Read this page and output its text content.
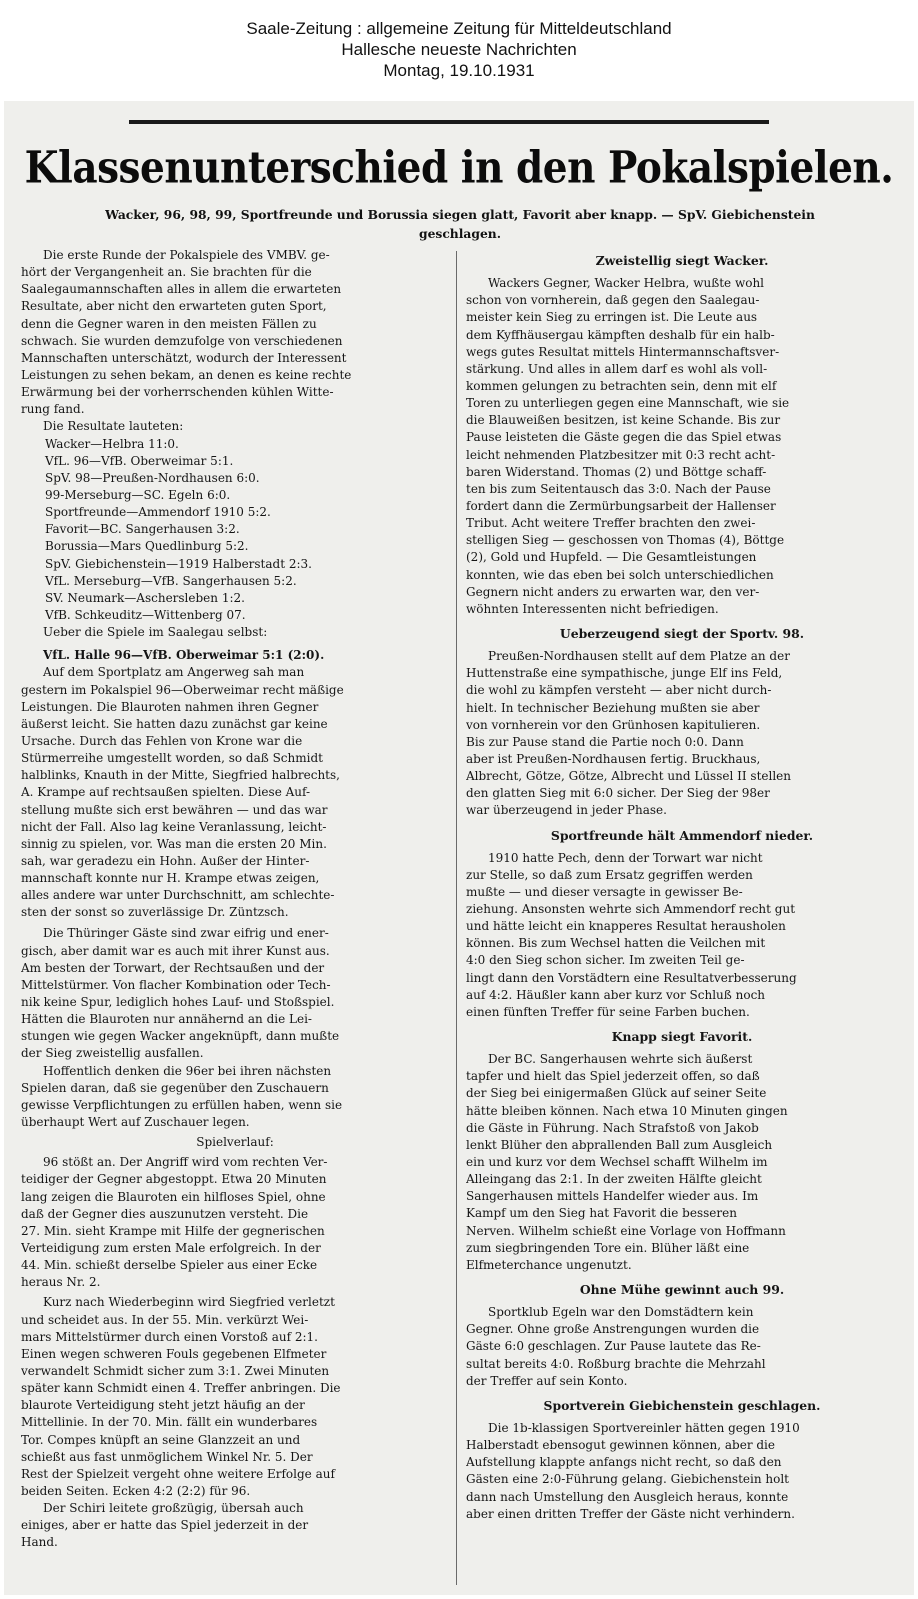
Saale-Zeitung : allgemeine Zeitung für Mitteldeutschland
Hallesche neueste Nachrichten
Montag, 19.10.1931
Klassenunterschied in den Pokalspielen.
Wacker, 96, 98, 99, Sportfreunde und Borussia siegen glatt, Favorit aber knapp. — SpV. Giebichenstein
geschlagen.
Die erste Runde der Pokalspiele des VMBV. ge-
hört der Vergangenheit an. Sie brachten für die
Saalegaumannschaften alles in allem die erwarteten
Resultate, aber nicht den erwarteten guten Sport,
denn die Gegner waren in den meisten Fällen zu
schwach. Sie wurden demzufolge von verschiedenen
Mannschaften unterschätzt, wodurch der Interessent
Leistungen zu sehen bekam, an denen es keine rechte
Erwärmung bei der vorherrschenden kühlen Witte-
rung fand.
Die Resultate lauteten:
Wacker—Helbra 11:0.
VfL. 96—VfB. Oberweimar 5:1.
SpV. 98—Preußen-Nordhausen 6:0.
99-Merseburg—SC. Egeln 6:0.
Sportfreunde—Ammendorf 1910 5:2.
Favorit—BC. Sangerhausen 3:2.
Borussia—Mars Quedlinburg 5:2.
SpV. Giebichenstein—1919 Halberstadt 2:3.
VfL. Merseburg—VfB. Sangerhausen 5:2.
SV. Neumark—Aschersleben 1:2.
VfB. Schkeuditz—Wittenberg 07.
Ueber die Spiele im Saalegau selbst:
VfL. Halle 96—VfB. Oberweimar 5:1 (2:0).
Auf dem Sportplatz am Angerweg sah man
gestern im Pokalspiel 96—Oberweimar recht mäßige
Leistungen. Die Blauroten nahmen ihren Gegner
äußerst leicht. Sie hatten dazu zunächst gar keine
Ursache. Durch das Fehlen von Krone war die
Stürmerreihe umgestellt worden, so daß Schmidt
halblinks, Knauth in der Mitte, Siegfried halbrechts,
A. Krampe auf rechtsaußen spielten. Diese Auf-
stellung mußte sich erst bewähren — und das war
nicht der Fall. Also lag keine Veranlassung, leicht-
sinnig zu spielen, vor. Was man die ersten 20 Min.
sah, war geradezu ein Hohn. Außer der Hinter-
mannschaft konnte nur H. Krampe etwas zeigen,
alles andere war unter Durchschnitt, am schlechte-
sten der sonst so zuverlässige Dr. Züntzsch.
Die Thüringer Gäste sind zwar eifrig und ener-
gisch, aber damit war es auch mit ihrer Kunst aus.
Am besten der Torwart, der Rechtsaußen und der
Mittelstürmer. Von flacher Kombination oder Tech-
nik keine Spur, lediglich hohes Lauf- und Stoßspiel.
Hätten die Blauroten nur annähernd an die Lei-
stungen wie gegen Wacker angeknüpft, dann mußte
der Sieg zweistellig ausfallen.
Hoffentlich denken die 96er bei ihren nächsten
Spielen daran, daß sie gegenüber den Zuschauern
gewisse Verpflichtungen zu erfüllen haben, wenn sie
überhaupt Wert auf Zuschauer legen.
Spielverlauf:
96 stößt an. Der Angriff wird vom rechten Ver-
teidiger der Gegner abgestoppt. Etwa 20 Minuten
lang zeigen die Blauroten ein hilfloses Spiel, ohne
daß der Gegner dies auszunutzen versteht. Die
27. Min. sieht Krampe mit Hilfe der gegnerischen
Verteidigung zum ersten Male erfolgreich. In der
44. Min. schießt derselbe Spieler aus einer Ecke
heraus Nr. 2.
Kurz nach Wiederbeginn wird Siegfried verletzt
und scheidet aus. In der 55. Min. verkürzt Wei-
mars Mittelstürmer durch einen Vorstoß auf 2:1.
Einen wegen schweren Fouls gegebenen Elfmeter
verwandelt Schmidt sicher zum 3:1. Zwei Minuten
später kann Schmidt einen 4. Treffer anbringen. Die
blaurote Verteidigung steht jetzt häufig an der
Mittellinie. In der 70. Min. fällt ein wunderbares
Tor. Compes knüpft an seine Glanzzeit an und
schießt aus fast unmöglichem Winkel Nr. 5. Der
Rest der Spielzeit vergeht ohne weitere Erfolge auf
beiden Seiten. Ecken 4:2 (2:2) für 96.
Der Schiri leitete großzügig, übersah auch
einiges, aber er hatte das Spiel jederzeit in der
Hand.
Zweistellig siegt Wacker.
Wackers Gegner, Wacker Helbra, wußte wohl
schon von vornherein, daß gegen den Saalegau-
meister kein Sieg zu erringen ist. Die Leute aus
dem Kyffhäusergau kämpften deshalb für ein halb-
wegs gutes Resultat mittels Hintermannschaftsver-
stärkung. Und alles in allem darf es wohl als voll-
kommen gelungen zu betrachten sein, denn mit elf
Toren zu unterliegen gegen eine Mannschaft, wie sie
die Blauweißen besitzen, ist keine Schande. Bis zur
Pause leisteten die Gäste gegen die das Spiel etwas
leicht nehmenden Platzbesitzer mit 0:3 recht acht-
baren Widerstand. Thomas (2) und Böttge schaff-
ten bis zum Seitentausch das 3:0. Nach der Pause
fordert dann die Zermürbungsarbeit der Hallenser
Tribut. Acht weitere Treffer brachten den zwei-
stelligen Sieg — geschossen von Thomas (4), Böttge
(2), Gold und Hupfeld. — Die Gesamtleistungen
konnten, wie das eben bei solch unterschiedlichen
Gegnern nicht anders zu erwarten war, den ver-
wöhnten Interessenten nicht befriedigen.
Ueberzeugend siegt der Sportv. 98.
Preußen-Nordhausen stellt auf dem Platze an der
Huttenstraße eine sympathische, junge Elf ins Feld,
die wohl zu kämpfen versteht — aber nicht durch-
hielt. In technischer Beziehung mußten sie aber
von vornherein vor den Grünhosen kapitulieren.
Bis zur Pause stand die Partie noch 0:0. Dann
aber ist Preußen-Nordhausen fertig. Bruckhaus,
Albrecht, Götze, Götze, Albrecht und Lüssel II stellen
den glatten Sieg mit 6:0 sicher. Der Sieg der 98er
war überzeugend in jeder Phase.
Sportfreunde hält Ammendorf nieder.
1910 hatte Pech, denn der Torwart war nicht
zur Stelle, so daß zum Ersatz gegriffen werden
mußte — und dieser versagte in gewisser Be-
ziehung. Ansonsten wehrte sich Ammendorf recht gut
und hätte leicht ein knapperes Resultat herausholen
können. Bis zum Wechsel hatten die Veilchen mit
4:0 den Sieg schon sicher. Im zweiten Teil ge-
lingt dann den Vorstädtern eine Resultatverbesserung
auf 4:2. Häußler kann aber kurz vor Schluß noch
einen fünften Treffer für seine Farben buchen.
Knapp siegt Favorit.
Der BC. Sangerhausen wehrte sich äußerst
tapfer und hielt das Spiel jederzeit offen, so daß
der Sieg bei einigermaßen Glück auf seiner Seite
hätte bleiben können. Nach etwa 10 Minuten gingen
die Gäste in Führung. Nach Strafstoß von Jakob
lenkt Blüher den abprallenden Ball zum Ausgleich
ein und kurz vor dem Wechsel schafft Wilhelm im
Alleingang das 2:1. In der zweiten Hälfte gleicht
Sangerhausen mittels Handelfer wieder aus. Im
Kampf um den Sieg hat Favorit die besseren
Nerven. Wilhelm schießt eine Vorlage von Hoffmann
zum siegbringenden Tore ein. Blüher läßt eine
Elfmeterchance ungenutzt.
Ohne Mühe gewinnt auch 99.
Sportklub Egeln war den Domstädtern kein
Gegner. Ohne große Anstrengungen wurden die
Gäste 6:0 geschlagen. Zur Pause lautete das Re-
sultat bereits 4:0. Roßburg brachte die Mehrzahl
der Treffer auf sein Konto.
Sportverein Giebichenstein geschlagen.
Die 1b-klassigen Sportvereinler hätten gegen 1910
Halberstadt ebensogut gewinnen können, aber die
Aufstellung klappte anfangs nicht recht, so daß den
Gästen eine 2:0-Führung gelang. Giebichenstein holt
dann nach Umstellung den Ausgleich heraus, konnte
aber einen dritten Treffer der Gäste nicht verhindern.
